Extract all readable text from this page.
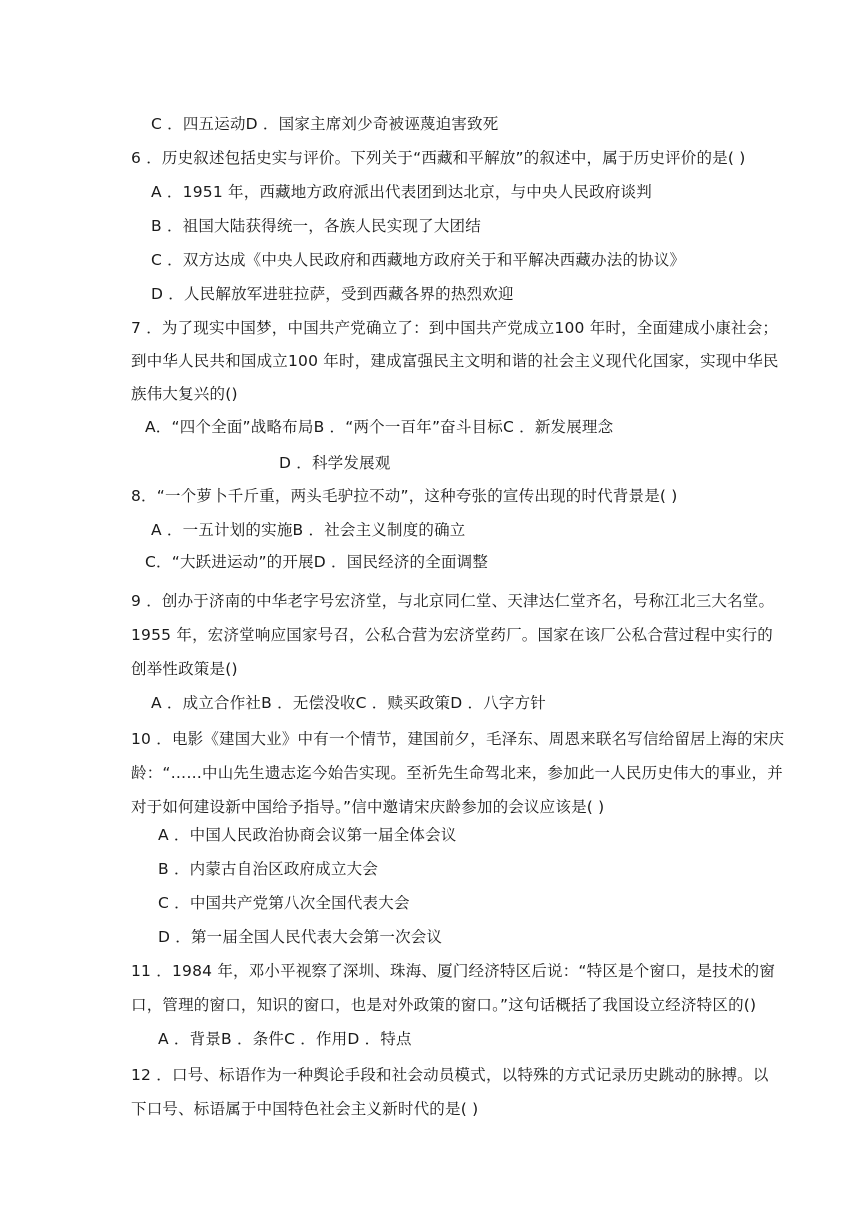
C ．四五运动D ．国家主席刘少奇被诬蔑迫害致死
6 ．历史叙述包括史实与评价。下列关于“西藏和平解放”的叙述中，属于历史评价的是( )
A ．1951 年，西藏地方政府派出代表团到达北京，与中央人民政府谈判
B ．祖国大陆获得统一，各族人民实现了大团结
C ．双方达成《中央人民政府和西藏地方政府关于和平解决西藏办法的协议》
D ．人民解放军进驻拉萨，受到西藏各界的热烈欢迎
7 ．为了现实中国梦，中国共产党确立了：到中国共产党成立100 年时，全面建成小康社会；
到中华人民共和国成立100 年时，建成富强民主文明和谐的社会主义现代化国家，实现中华民
族伟大复兴的()
A．“四个全面”战略布局B ．“两个一百年”奋斗目标C ．新发展理念
D ．科学发展观
8．“一个萝卜千斤重，两头毛驴拉不动”，这种夸张的宣传出现的时代背景是( )
A ．一五计划的实施B ．社会主义制度的确立
C．“大跃进运动”的开展D ．国民经济的全面调整
9 ．创办于济南的中华老字号宏济堂，与北京同仁堂、天津达仁堂齐名，号称江北三大名堂。
1955 年，宏济堂响应国家号召，公私合营为宏济堂药厂。国家在该厂公私合营过程中实行的
创举性政策是()
A ．成立合作社B ．无偿没收C ．赎买政策D ．八字方针
10 ．电影《建国大业》中有一个情节，建国前夕，毛泽东、周恩来联名写信给留居上海的宋庆
龄：“……中山先生遗志迄今始告实现。至祈先生命驾北来，参加此一人民历史伟大的事业，并
对于如何建设新中国给予指导。”信中邀请宋庆龄参加的会议应该是( )
A ．中国人民政治协商会议第一届全体会议
B ．内蒙古自治区政府成立大会
C ．中国共产党第八次全国代表大会
D ．第一届全国人民代表大会第一次会议
11 ．1984 年，邓小平视察了深圳、珠海、厦门经济特区后说：“特区是个窗口，是技术的窗
口，管理的窗口，知识的窗口，也是对外政策的窗口。”这句话概括了我国设立经济特区的()
A ．背景B ．条件C ．作用D ．特点
12 ．口号、标语作为一种舆论手段和社会动员模式，以特殊的方式记录历史跳动的脉搏。以
下口号、标语属于中国特色社会主义新时代的是( )
